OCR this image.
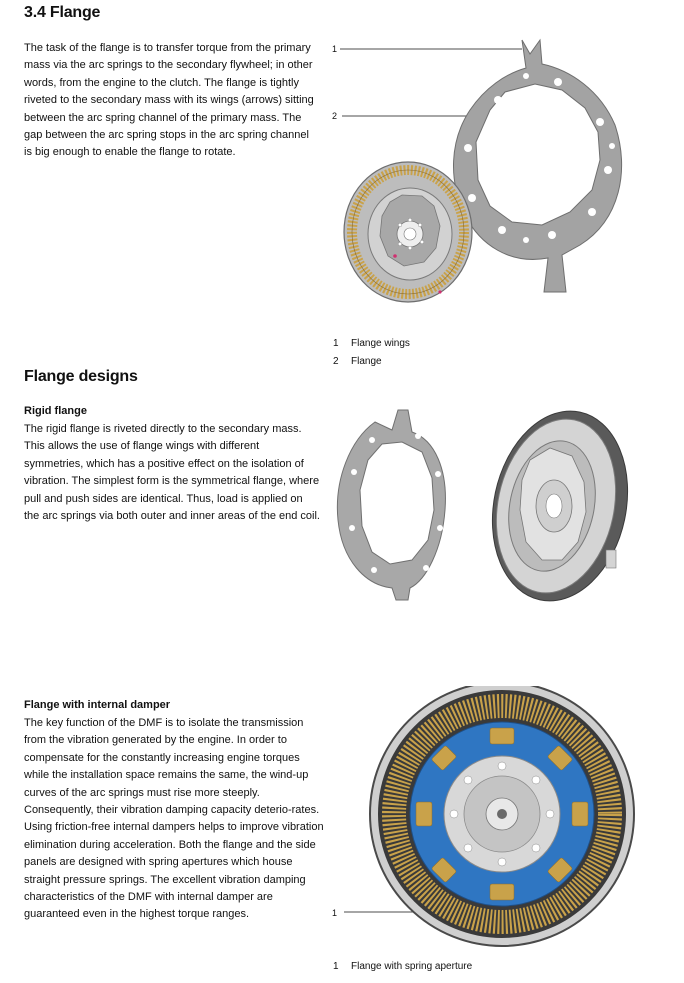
3.4 Flange

The task of the flange is to transfer torque from the primary mass via the arc springs to the secondary flywheel; in other words, from the engine to the clutch. The flange is tightly riveted to the secondary mass with its wings (arrows) sitting between the arc spring channel of the primary mass. The gap between the arc spring stops in the arc spring channel is big enough to enable the flange to rotate.

1
2
1	Flange wings
2	Flange
Flange designs
Rigid flange

The rigid flange is riveted directly to the secondary mass. This allows the use of flange wings with different symmetries, which has a positive effect on the isolation of vibration. The simplest form is the symmetrical flange, where pull and push sides are identical. Thus, load is applied on the arc springs via both outer and inner areas of the end coil.

Flange with internal damper

The key function of the DMF is to isolate the transmission from the vibration generated by the engine. In order to compensate for the constantly increasing engine torques while the installation space remains the same, the wind-up curves of the arc springs must rise more steeply. Consequently, their vibration damping capacity deterio-rates. Using friction-free internal dampers helps to improve vibration elimination during acceleration. Both the flange and the side panels are designed with spring apertures which house straight pressure springs. The excellent vibration damping characteristics of the DMF with internal damper are guaranteed even in the highest torque ranges.	1
1	Flange with spring aperture
